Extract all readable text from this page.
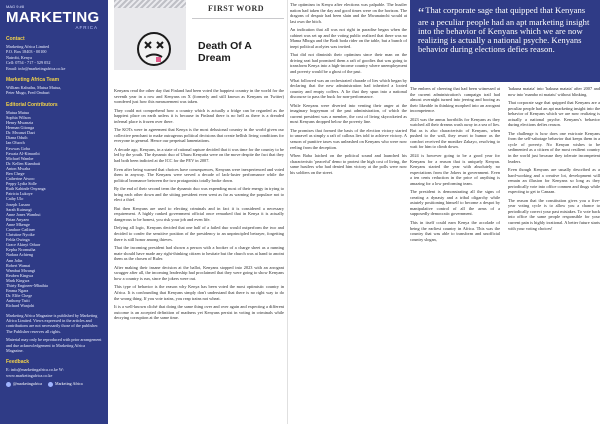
MAG 9 #8
MARKETING
AFRICA
Contact
Marketing Africa Limited
P.O. Box 18403 - 00100
Nairobi, Kenya
Cell: 0754 - 717 - 529 052
Email: info@marketingafrica.co.ke
Marketing Africa Team
William Kabuthu, Mutua Mutua,
Peter Mugo, Fred Omburi
Editorial Contributors
Mutua Mutua
Sophia Wilson
Henry Mwanzia
Herman Gitonga
Dr. Mwanzi Dazi
Diana Oduth
Ian Oluoch
Fawwas Goba
Fawaia Al-Kimaribi
Michael Wambe
Dr. Kellen Kiambati
Anton Mwaba
Ben Chege
Catherine Atwoo
Peppy Lydia Sidle
Ruth Kahinde Onyanga
Patricia Lukoye
Cathy Ulo
Joseph Lusaro
Sarah Kuirungi
Anne Jones Wambui
Brian Anyaeo
Anne Mkenge
Candace Catliner
Christine Nyoike
Felda Owinga
Grace Akinyi Oduor
Kepha Ncomutha
Nadara Achieng
Ann Jolin
Robert Wamai
Wambui Mwangi
Reuben Kingwa
Mark Kingwa
Thirty Engineer-Mbathia
Emma Ngara
Dr. Elfie Chege
Anthony Tuiti
Richard Wanjohi
Marketing Africa Magazine is published by Marketing Africa Limited. Views expressed in the articles and contributions are not necessarily those of the publisher. The Publisher reserves all rights.
Material may only be reproduced with prior arrangement and due acknowledgement to Marketing Africa Magazine.
Feedback
E: info@marketingafrica.co.ke W: www.marketingafrica.co.ke
@marketingafrica	Marketing Africa
FIRST WORD
Death Of A
Dream

Kenyans read the other day that Finland had been voted the happiest country in the world for the seventh year in a row and Kenyans on X (formerly and still known as Kenyans on Twitter) wondered just how this measurement was taken.

They could not comprehend how a country which is actually a fridge can be regarded as the happiest place on earth unless it is because in Finland there is no hell as there is a dreaded infernal place is frozen over there.

The KOTs were in agreement that Kenya is the most delusional country in the world given our collective penchant to make outrageous political decisions that create hellish living conditions for everyone in general. Hence our perpetual lamentations.

A decade ago, Kenyans, in a state of rational rapture decided that it was time for the country to be led by the youth. The dynamic duo of Uhuru Kenyatta were on the move despite the fact that they had both been indicted at the ICC for the PEV in 2007.

Even after being warned that choices have consequences, Kenyans were inexperienced and voted them in anyway. The Kenyans were served a decade of lack-luster performance while the political bromance between the two protagonists totally broke down.

By the end of their second term the dynamic duo was expending most of their energy in trying to bring each other down and the sitting president even went as far as warning the populace not to elect a thief.

But then Kenyans are used to electing criminals and in fact it is considered a necessary requirement. A highly ranked government official once remarked that in Kenya it is actually dangerous to be honest, you risk your job and even life.

Defying all logic, Kenyans decided that one half of a failed duo would outperform the two and decided to confer the sensitive position of the presidency to an unprincipled betrayer, forgetting there is still honor among thieves.

That the incoming president had shown a person with a booker of a charge sheet as a running mate should have made any right-thinking citizen to hesitate but the church was at hand to anoint them as the chosen of Ruler.

After making their insane decision at the ballot, Kenyans stopped into 2023 with an arrogant swagger after all, the incoming leadership had proclaimed that they were going to show Kenyans how a country is run, since the jokers were out.

This type of behavior is the reason why Kenya has been voted the most optimistic country in Africa. It is confounding that Kenyans simply don't understand that there is no right way to do the wrong thing. If you vote trains, you reap trains not wheat.

It is a well-known cliché that doing the same thing over and over again and expecting a different outcome is an accepted definition of madness yet Kenyans persist in voting in criminals while decrying corruption at the same time.

The optimism in Kenya after elections was palpable. The hustler nation had taken the day and good times were on the horizon. The dragons of despair had been slain and the Mwanainchi would at last own the bitch.

An indication that all was not right in paradise began when the cabinet was set up and the voting public realized that there was no Mama Mboga and the Bodi boda rider on the table, but a bunch of inept political acolytes was invited.

That did not diminish their optimism since their man on the driving seat had promised them a raft of goodies that was going to transform Kenya into a high-income country where unemployment and poverty would be a ghost of the past.

What followed was an orchestrated charade of lies which began by declaring that the new administration had inherited a looted country and empty coffers. A lie that they spun into a national discourse to pass the buck for non-performance.

While Kenyans were diverted into venting their anger at the imaginary bogeyman of the past administration, of which the current president was a member, the cost of living skyrocketed as most Kenyans dropped below the poverty line.

The promises that formed the basis of the election victory started to unravel as simply a raft of callous lies told to achieve victory. A season of punitive taxes was unleashed on Kenyans who were now reeling from the deception.

When Baba latched on the political sound and launched his characteristic 'peaceful' demo to protest the high cost of living, the same hustlers who had denied him victory at the polls were now his soldiers on the street.

“That corporate sage that quipped that Kenyans are a peculiar people had an apt marketing insight into the behavior of Kenyans which we are now realizing is actually a national psyche. Kenyans behavior during elections defies reason.

The embers of cheering that had been witnessed at the current administration's campaign trail had almost overnight turned into jeering and booing as their likeable in thinking morphed into an arrogant incompetence.

2023 was the annus horribilis for Kenyans as they watched all their dreams wash away in a sea of lies. But as is also characteristic of Kenyans, when pushed to the wall, they resort to humor as the comfort received the moniker Zakayo, resolving to wait for him to climb down.

2024 is however going to be a good year for Kenyans for a reason that is uniquely Kenyan. Kenyans started the year with absolutely no expectations from the Jokers in government. Even a ten cents reduction in the price of anything is amazing for a low performing team.

The president is demonstrating all the signs of creating a dynasty and a tribal oligarchy while astutely positioning himself to become a despot by manipulative control of all the arms of a supposedly democratic government.

This in itself could earn Kenya the accolade of being the earliest country in Africa. This was the country that was able to transform and unofficial country slogan,

'hakuna matata' into 'hakuna matata' after 2007 and now into 'mambo ni matatu' without blinking.

That corporate sage that quipped that Kenyans are a peculiar people had an apt marketing insight into the behavior of Kenyans which we are now realizing is actually a national psyche. Kenyans's behavior during elections defies reason.

The challenge is how does one extricate Kenyans from the self-sabotage behavior that keeps them in a cycle of poverty. No Kenyan wishes to be sedimented as a citizen of the most resilient country in the world just because they tolerate incompetent leaders.

Even though Kenyans are usually described as a hard-working and a creative lot, development will remain an illusion for Kenyans so long as they periodically vote into office conmen and thugs while expecting to get to Canaan.

The reason that the constitution gives you a five-year voting cycle is to allow you a chance to periodically correct your past mistakes. To vote back into office the same people responsible for your current pain is highly irrational. A better future starts with your voting choices!
